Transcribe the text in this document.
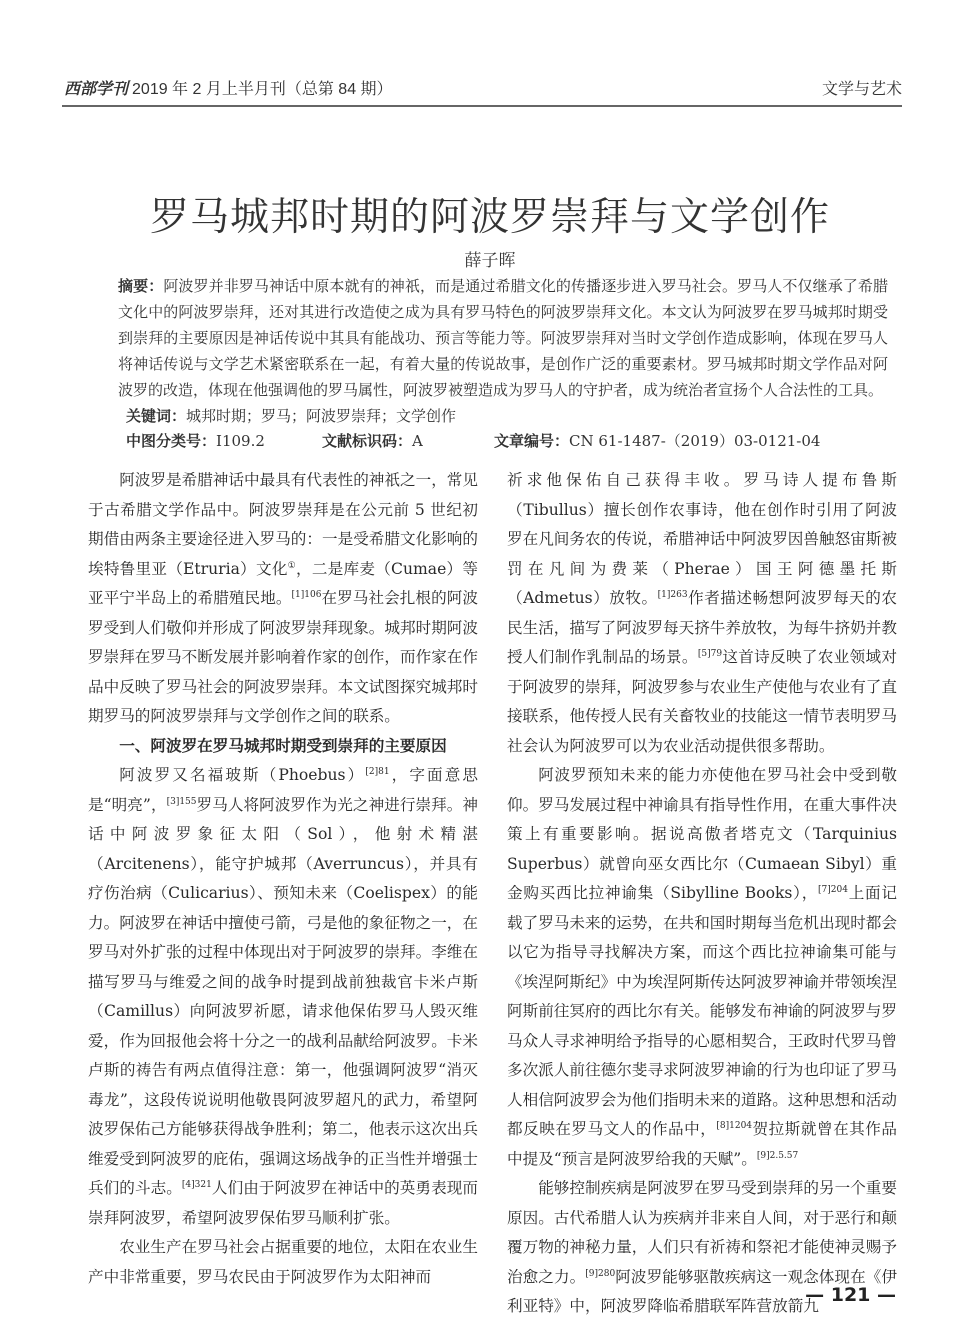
西部学刊 2019 年 2 月上半月刊（总第 84 期）	文学与艺术
罗马城邦时期的阿波罗崇拜与文学创作
薛子晖
摘要：阿波罗并非罗马神话中原本就有的神祇，而是通过希腊文化的传播逐步进入罗马社会。罗马人不仅继承了希腊文化中的阿波罗崇拜，还对其进行改造使之成为具有罗马特色的阿波罗崇拜文化。本文认为阿波罗在罗马城邦时期受到崇拜的主要原因是神话传说中其具有能战功、预言等能力等。阿波罗崇拜对当时文学创作造成影响，体现在罗马人将神话传说与文学艺术紧密联系在一起，有着大量的传说故事，是创作广泛的重要素材。罗马城邦时期文学作品对阿波罗的改造，体现在他强调他的罗马属性，阿波罗被塑造成为罗马人的守护者，成为统治者宣扬个人合法性的工具。
关键词：城邦时期；罗马；阿波罗崇拜；文学创作
中图分类号：I109.2	文献标识码：A	文章编号：CN 61-1487-（2019）03-0121-04

阿波罗是希腊神话中最具有代表性的神祇之一，常见于古希腊文学作品中。阿波罗崇拜是在公元前 5 世纪初期借由两条主要途径进入罗马的：一是受希腊文化影响的埃特鲁里亚（Etruria）文化①，二是库麦（Cumae）等亚平宁半岛上的希腊殖民地。$^{[1]106}$在罗马社会扎根的阿波罗受到人们敬仰并形成了阿波罗崇拜现象。城邦时期阿波罗崇拜在罗马不断发展并影响着作家的创作，而作家在作品中反映了罗马社会的阿波罗崇拜。本文试图探究城邦时期罗马的阿波罗崇拜与文学创作之间的联系。

一、阿波罗在罗马城邦时期受到崇拜的主要原因

阿波罗又名福玻斯（Phoebus）$^{[2]81}$，字面意思是“明亮”，$^{[3]155}$罗马人将阿波罗作为光之神进行崇拜。神话中阿波罗象征太阳（Sol），他射术精湛（Arcitenens），能守护城邦（Averruncus），并具有疗伤治病（Culicarius）、预知未来（Coelispex）的能力。阿波罗在神话中擅使弓箭，弓是他的象征物之一，在罗马对外扩张的过程中体现出对于阿波罗的崇拜。李维在描写罗马与维爱之间的战争时提到战前独裁官卡米卢斯（Camillus）向阿波罗祈愿，请求他保佑罗马人毁灭维爱，作为回报他会将十分之一的战利品献给阿波罗。卡米卢斯的祷告有两点值得注意：第一，他强调阿波罗“消灭毒龙”，这段传说说明他敬畏阿波罗超凡的武力，希望阿波罗保佑己方能够获得战争胜利；第二，他表示这次出兵维爱受到阿波罗的庇佑，强调这场战争的正当性并增强士兵们的斗志。$^{[4]321}$人们由于阿波罗在神话中的英勇表现而崇拜阿波罗，希望阿波罗保佑罗马顺利扩张。

农业生产在罗马社会占据重要的地位，太阳在农业生产中非常重要，罗马农民由于阿波罗作为太阳神而

祈求他保佑自己获得丰收。罗马诗人提布鲁斯（Tibullus）擅长创作农事诗，他在创作时引用了阿波罗在凡间务农的传说，希腊神话中阿波罗因兽触怒宙斯被罚在凡间为费莱（Pherae）国王阿德墨托斯（Admetus）放牧。$^{[1]263}$作者描述畅想阿波罗每天的农民生活，描写了阿波罗每天挤牛养放牧，为每牛挤奶并教授人们制作乳制品的场景。$^{[5]79}$这首诗反映了农业领域对于阿波罗的崇拜，阿波罗参与农业生产使他与农业有了直接联系，他传授人民有关畜牧业的技能这一情节表明罗马社会认为阿波罗可以为农业活动提供很多帮助。

阿波罗预知未来的能力亦使他在罗马社会中受到敬仰。罗马发展过程中神谕具有指导性作用，在重大事件决策上有重要影响。据说高傲者塔克文（Tarquinius Superbus）就曾向巫女西比尔（Cumaean Sibyl）重金购买西比拉神谕集（Sibylline Books），$^{[7]204}$上面记载了罗马未来的运势，在共和国时期每当危机出现时都会以它为指导寻找解决方案，而这个西比拉神谕集可能与《埃涅阿斯纪》中为埃涅阿斯传达阿波罗神谕并带领埃涅阿斯前往冥府的西比尔有关。能够发布神谕的阿波罗与罗马众人寻求神明给予指导的心愿相契合，王政时代罗马曾多次派人前往德尔斐寻求阿波罗神谕的行为也印证了罗马人相信阿波罗会为他们指明未来的道路。这种思想和活动都反映在罗马文人的作品中，$^{[8]1204}$贺拉斯就曾在其作品中提及“预言是阿波罗给我的天赋”。$^{[9]2.5.57}$

能够控制疾病是阿波罗在罗马受到崇拜的另一个重要原因。古代希腊人认为疾病并非来自人间，对于恶行和颠覆万物的神秘力量，人们只有祈祷和祭祀才能使神灵赐予治愈之力。$^{[9]280}$阿波罗能够驱散疾病这一观念体现在《伊利亚特》中，阿波罗降临希腊联军阵营放箭九

— 121 —
